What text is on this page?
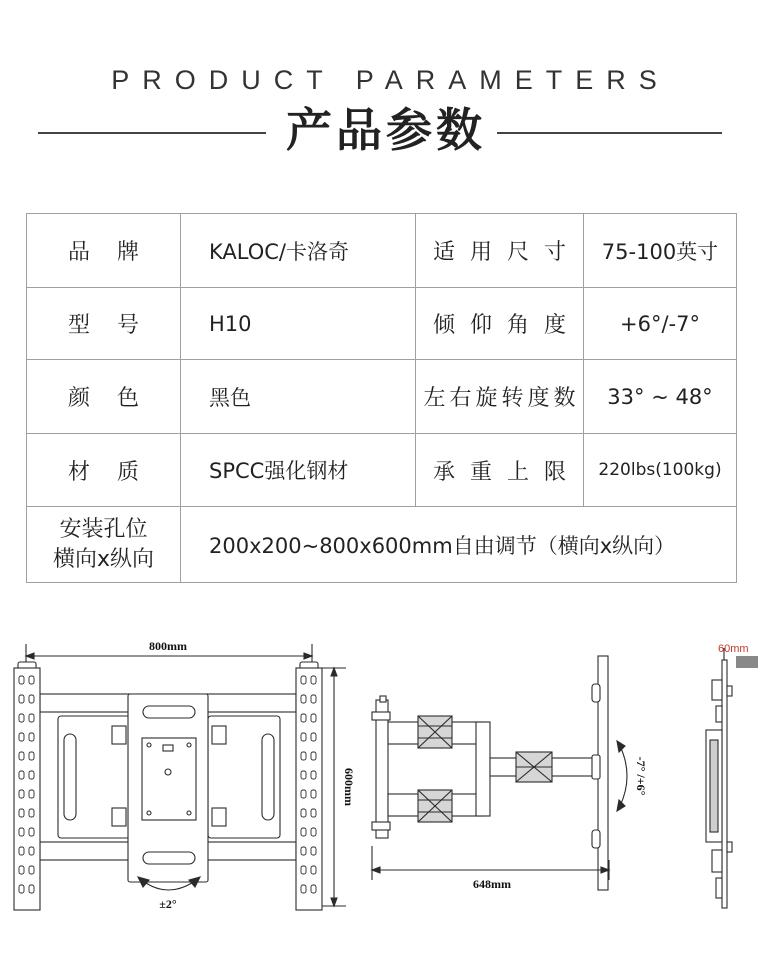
PRODUCT PARAMETERS
产品参数
品 牌	KALOC/卡洛奇	适 用 尺 寸	75-100英寸
型 号	H10	倾 仰 角 度	+6°/-7°
颜 色	黑色	左右旋转度数	33° ~ 48°
材 质	SPCC强化钢材	承 重 上 限	220lbs(100kg)

安装孔位
横向x纵向	200x200~800x600mm自由调节（横向x纵向）		
800mm
±2°
600mm	-7° /+6°
648mm
60mm
